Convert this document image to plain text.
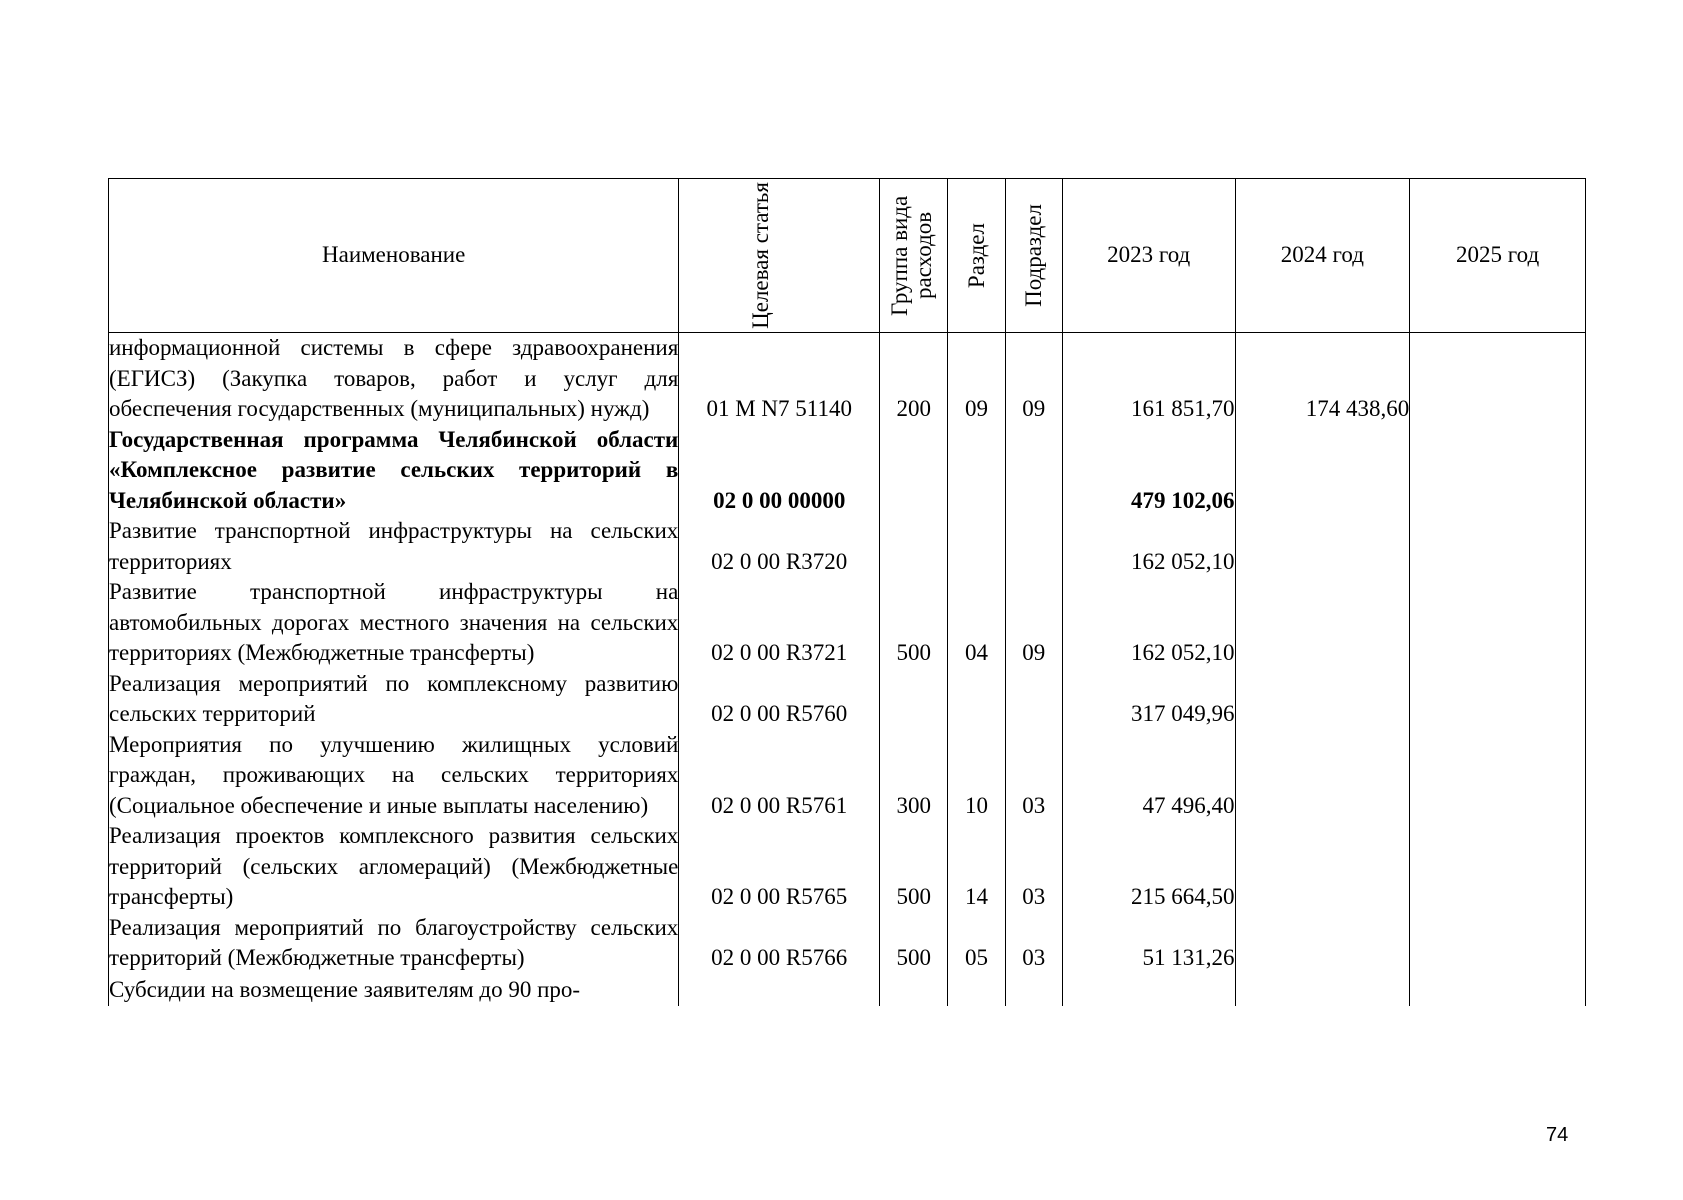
Наименование	Целевая статья	Группа вида расходов	Раздел	Подраздел	2023 год	2024 год	2025 год
информационной системы в сфере здравоохранения (ЕГИСЗ) (Закупка товаров, работ и услуг для обеспечения государственных (муниципальных) нужд)	01 М N7 51140	200	09	09	161 851,70	174 438,60	
Государственная программа Челябинской области «Комплексное развитие сельских территорий в Челябинской области»	02 0 00 00000				479 102,06		
Развитие транспортной инфраструктуры на сельских территориях	02 0 00 R3720				162 052,10		
Развитие транспортной инфраструктуры на автомобильных дорогах местного значения на сельских территориях (Межбюджетные трансферты)	02 0 00 R3721	500	04	09	162 052,10		
Реализация мероприятий по комплексному развитию сельских территорий	02 0 00 R5760				317 049,96		
Мероприятия по улучшению жилищных условий граждан, проживающих на сельских территориях (Социальное обеспечение и иные выплаты населению)	02 0 00 R5761	300	10	03	47 496,40		
Реализация проектов комплексного развития сельских территорий (сельских агломераций) (Межбюджетные трансферты)	02 0 00 R5765	500	14	03	215 664,50		
Реализация мероприятий по благоустройству сельских территорий (Межбюджетные трансферты)	02 0 00 R5766	500	05	03	51 131,26		
Субсидии на возмещение заявителям до 90 про-							
74
